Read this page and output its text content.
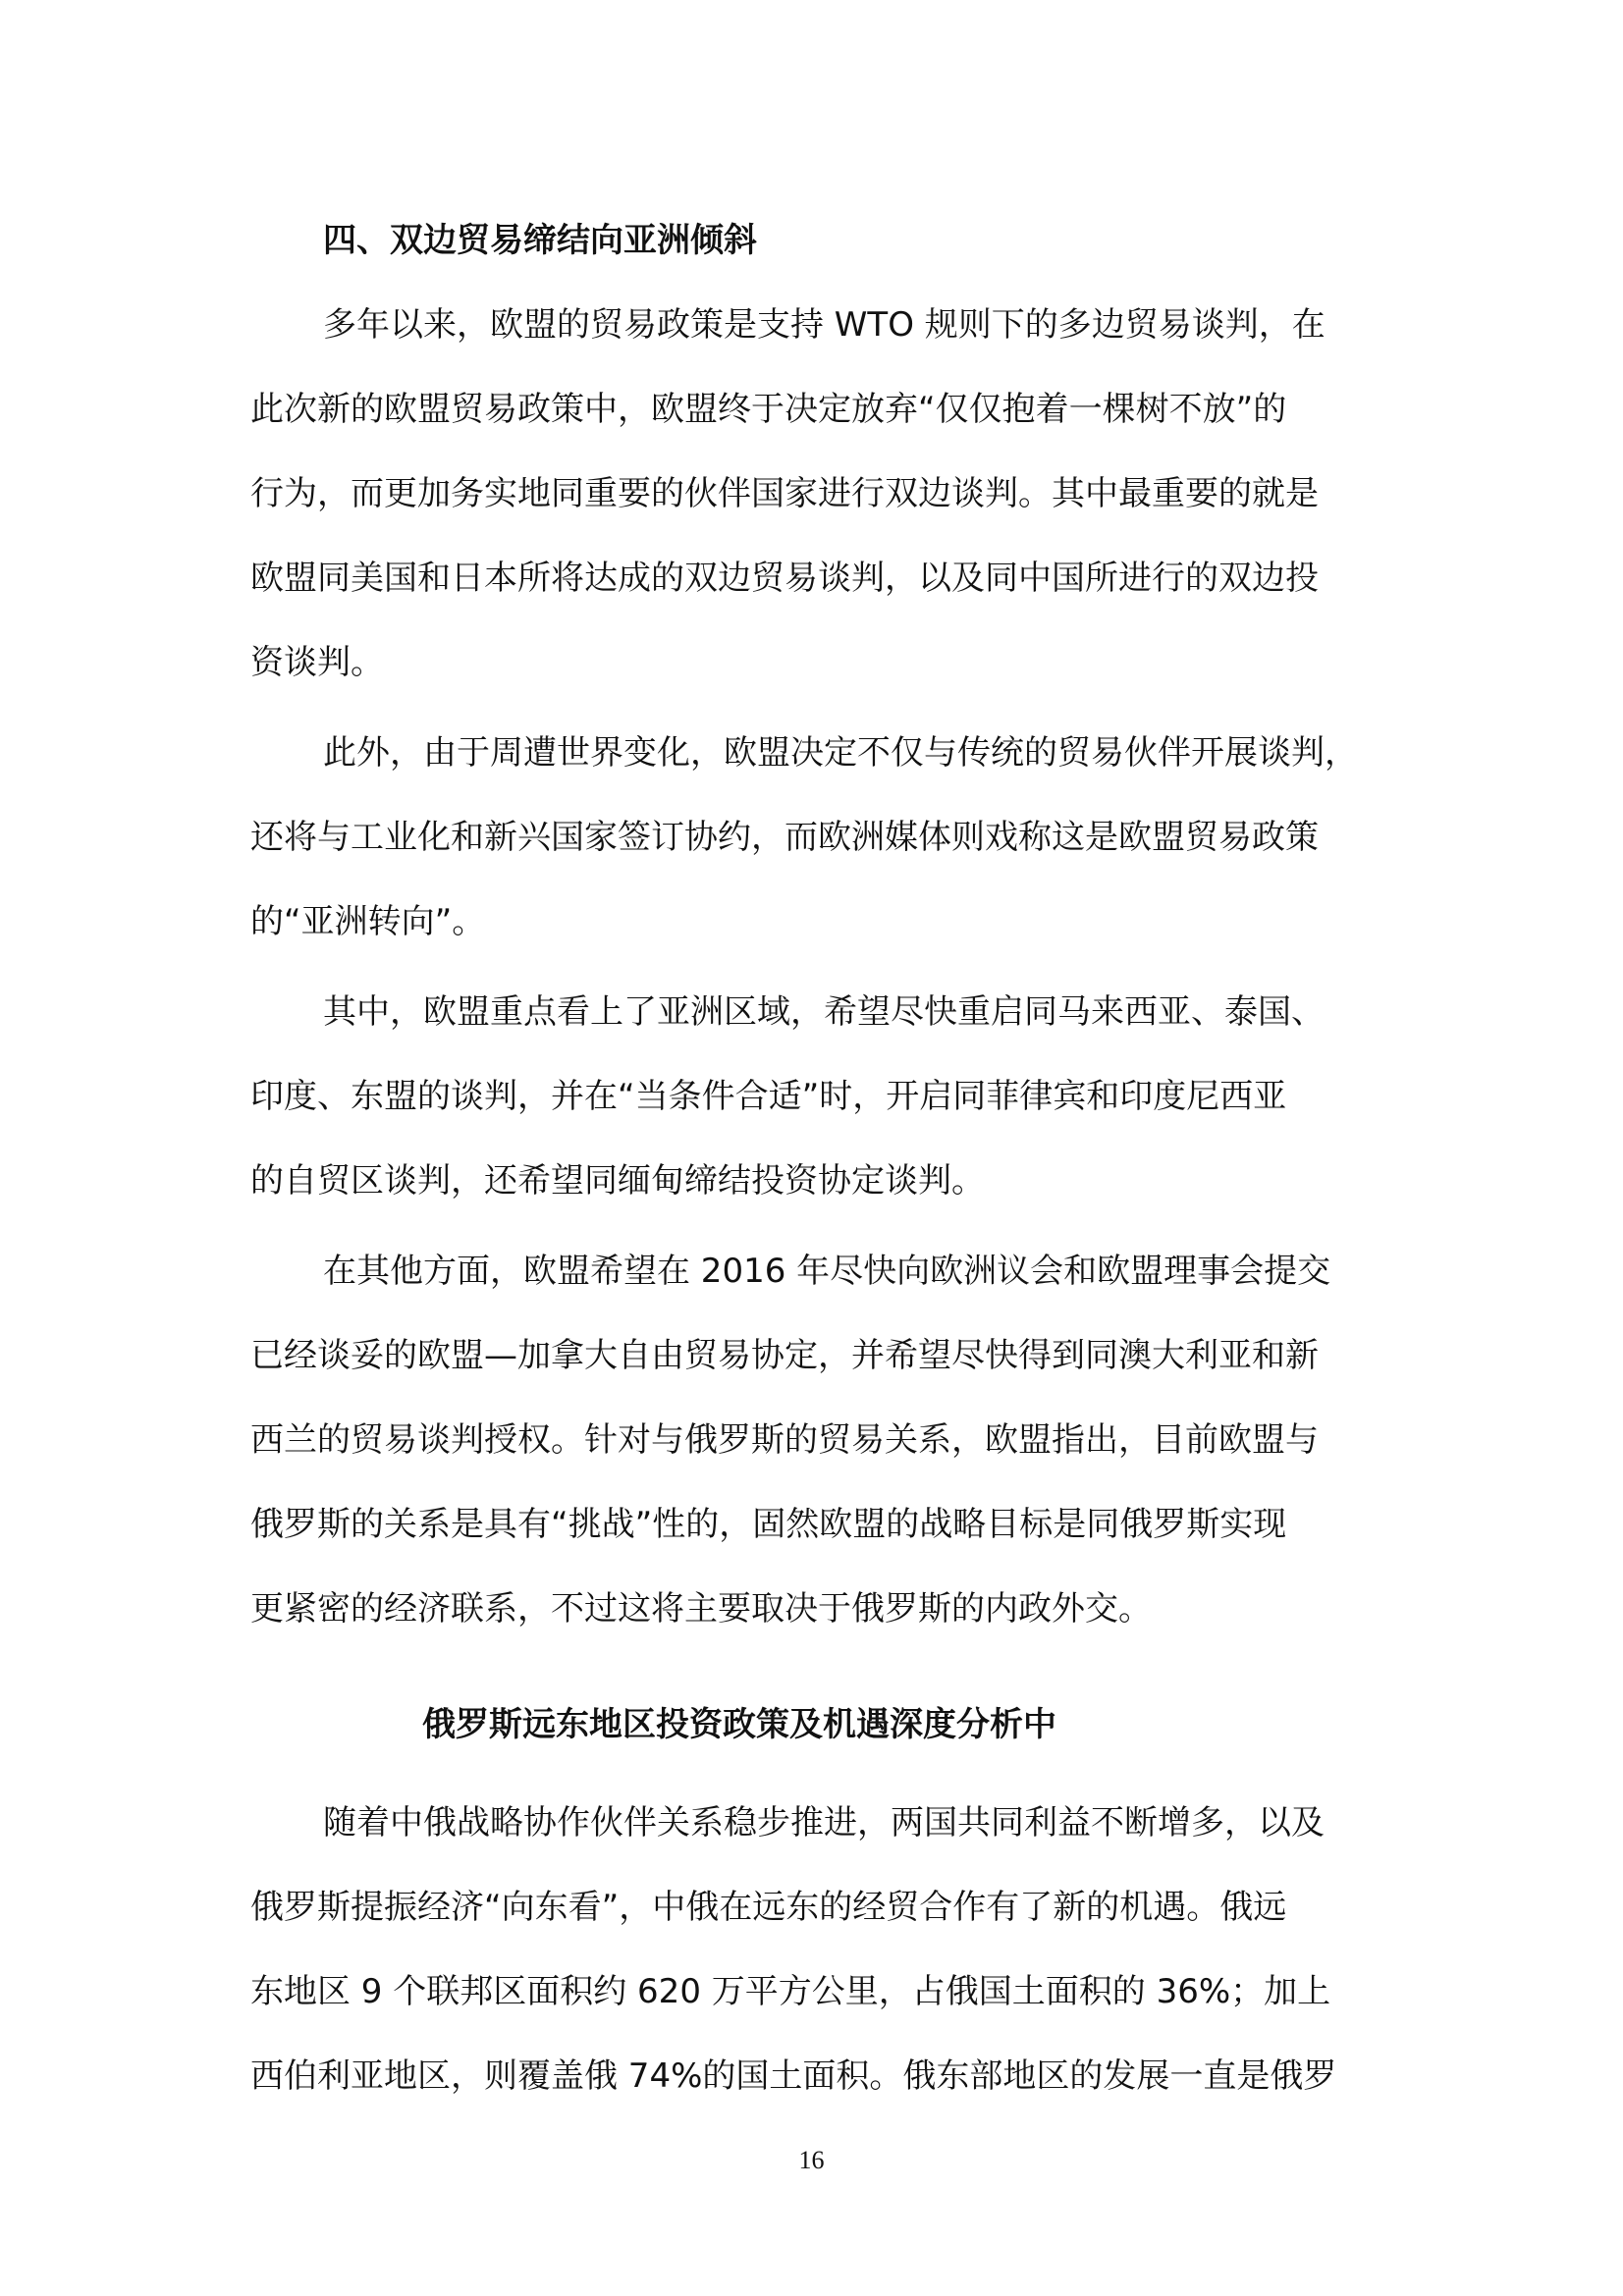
四、双边贸易缔结向亚洲倾斜
多年以来，欧盟的贸易政策是支持 WTO 规则下的多边贸易谈判，在
此次新的欧盟贸易政策中，欧盟终于决定放弃“仅仅抱着一棵树不放”的
行为，而更加务实地同重要的伙伴国家进行双边谈判。其中最重要的就是
欧盟同美国和日本所将达成的双边贸易谈判，以及同中国所进行的双边投
资谈判。
此外，由于周遭世界变化，欧盟决定不仅与传统的贸易伙伴开展谈判，
还将与工业化和新兴国家签订协约，而欧洲媒体则戏称这是欧盟贸易政策
的“亚洲转向”。
其中，欧盟重点看上了亚洲区域，希望尽快重启同马来西亚、泰国、
印度、东盟的谈判，并在“当条件合适”时，开启同菲律宾和印度尼西亚
的自贸区谈判，还希望同缅甸缔结投资协定谈判。
在其他方面，欧盟希望在 2016 年尽快向欧洲议会和欧盟理事会提交
已经谈妥的欧盟—加拿大自由贸易协定，并希望尽快得到同澳大利亚和新
西兰的贸易谈判授权。针对与俄罗斯的贸易关系，欧盟指出，目前欧盟与
俄罗斯的关系是具有“挑战”性的，固然欧盟的战略目标是同俄罗斯实现
更紧密的经济联系，不过这将主要取决于俄罗斯的内政外交。
俄罗斯远东地区投资政策及机遇深度分析中
随着中俄战略协作伙伴关系稳步推进，两国共同利益不断增多，以及
俄罗斯提振经济“向东看”，中俄在远东的经贸合作有了新的机遇。俄远
东地区 9 个联邦区面积约 620 万平方公里，占俄国土面积的 36%；加上
西伯利亚地区，则覆盖俄 74%的国土面积。俄东部地区的发展一直是俄罗
16
